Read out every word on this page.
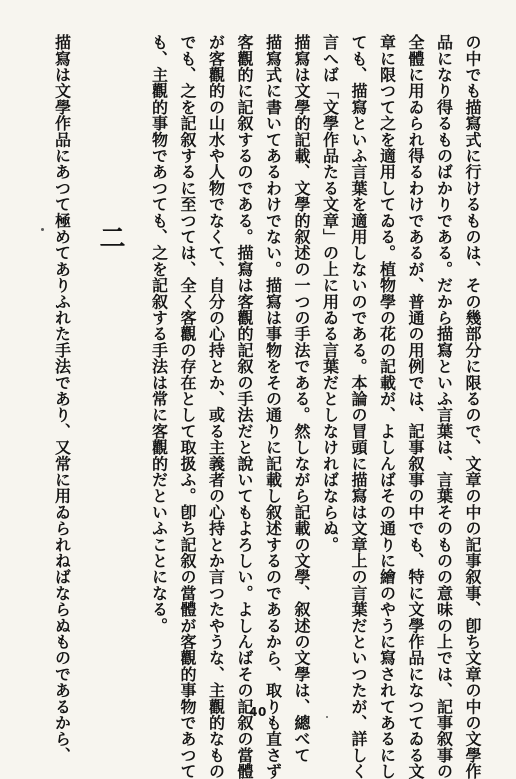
の中でも描寫式に行けるものは、その幾部分に限るので、文章の中の記事叙事、卽ち文章の中の文學作
品になり得るものばかりである。だから描寫といふ言葉は、言葉そのものの意味の上では、記事叙事の
全體に用ゐられ得るわけであるが、普通の用例では、記事叙事の中でも、特に文學作品になつてゐる文
章に限つて之を適用してゐる。植物學の花の記載が、よしんばその通りに繪のやうに寫されてあるにし
ても、描寫といふ言葉を適用しないのである。本論の冒頭に描寫は文章上の言葉だといつたが、詳しく
言へば「文學作品たる文章」の上に用ゐる言葉だとしなければならぬ。
描寫は文學的記載、文學的叙述の一つの手法である。然しながら記載の文學、叙述の文學は、總べて
描寫式に書いてあるわけでない。描寫は事物をその通りに記載し叙述するのであるから、取りも直さず
客觀的に記叙するのである。描寫は客觀的記叙の手法だと說いてもよろしい。よしんばその記叙の當體
が客觀的の山水や人物でなくて、自分の心持とか、或る主義者の心持とか言つたやうな、主觀的なもの
でも、之を記叙するに至つては、全く客觀の存在として取扱ふ。卽ち記叙の當體が客觀的事物であつて
も、主觀的事物であつても、之を記叙する手法は常に客觀的だといふことになる。
二
描寫は文學作品にあつて極めてありふれた手法であり、又常に用ゐられねばならぬものであるから、	40
